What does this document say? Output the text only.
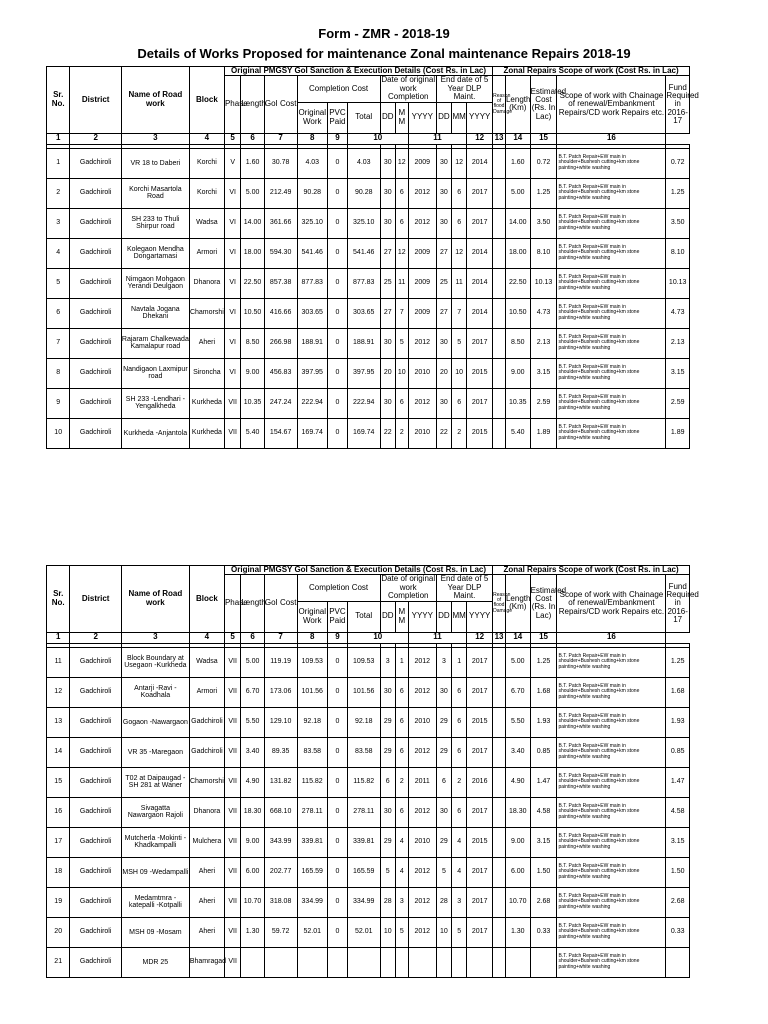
Form - ZMR - 2018-19
Details of Works Proposed for maintenance Zonal maintenance Repairs 2018-19
Sr. No.	District	Name of Road work	Block	Original PMGSY GoI Sanction & Execution Details (Cost Rs. in Lac)												Zonal Repairs Scope of work (Cost Rs. in Lac)				
				Phase	Length	GoI Cost	Completion Cost			Date of original work Completion			End date of 5 Year DLP Maint.			Reason of flood Damage	Length (Km)	Estimated Cost (Rs. In Lac)	Scope of work with Chainage of renewal/Embankment Repairs/CD work Repairs etc.	Fund Required in 2016-17
							Original Work	PVC Paid	Total	DD	M M	YYYY	DD	MM	YYYY					
1	2	3	4	5	6	7	8	9	10			11			12	13	14	15	16	

1	Gadchiroli	VR 18 to Daberi	Korchi	V	1.60	30.78	4.03	0	4.03	30	12	2009	30	12	2014		1.60	0.72	B.T. Patch Repair+EW main in shoulder+Bushesh cutting+km stone painting+white washing	0.72
2	Gadchiroli	Korchi Masartola Road	Korchi	VI	5.00	212.49	90.28	0	90.28	30	6	2012	30	6	2017		5.00	1.25	B.T. Patch Repair+EW main in shoulder+Bushesh cutting+km stone painting+white washing	1.25
3	Gadchiroli	SH 233 to Thuli Shirpur road	Wadsa	VI	14.00	361.66	325.10	0	325.10	30	6	2012	30	6	2017		14.00	3.50	B.T. Patch Repair+EW main in shoulder+Bushesh cutting+km stone painting+white washing	3.50
4	Gadchiroli	Kolegaon Mendha Dongartamasi	Armori	VI	18.00	594.30	541.46	0	541.46	27	12	2009	27	12	2014		18.00	8.10	B.T. Patch Repair+EW main in shoulder+Bushesh cutting+km stone painting+white washing	8.10
5	Gadchiroli	Nimgaon Mohgaon Yerandi Deulgaon	Dhanora	VI	22.50	857.38	877.83	0	877.83	25	11	2009	25	11	2014		22.50	10.13	B.T. Patch Repair+EW main in shoulder+Bushesh cutting+km stone painting+white washing	10.13
6	Gadchiroli	Navtala Jogana Dhekani	Chamorshi	VI	10.50	416.66	303.65	0	303.65	27	7	2009	27	7	2014		10.50	4.73	B.T. Patch Repair+EW main in shoulder+Bushesh cutting+km stone painting+white washing	4.73
7	Gadchiroli	Rajaram Chalkewada Kamalapur road	Aheri	VI	8.50	266.98	188.91	0	188.91	30	5	2012	30	5	2017		8.50	2.13	B.T. Patch Repair+EW main in shoulder+Bushesh cutting+km stone painting+white washing	2.13
8	Gadchiroli	Nandigaon Laxmipur road	Sironcha	VI	9.00	456.83	397.95	0	397.95	20	10	2010	20	10	2015		9.00	3.15	B.T. Patch Repair+EW main in shoulder+Bushesh cutting+km stone painting+white washing	3.15
9	Gadchiroli	SH 233 -Lendhari -Yengalkheda	Kurkheda	VII	10.35	247.24	222.94	0	222.94	30	6	2012	30	6	2017		10.35	2.59	B.T. Patch Repair+EW main in shoulder+Bushesh cutting+km stone painting+white washing	2.59
10	Gadchiroli	Kurkheda -Anjantola	Kurkheda	VII	5.40	154.67	169.74	0	169.74	22	2	2010	22	2	2015		5.40	1.89	B.T. Patch Repair+EW main in shoulder+Bushesh cutting+km stone painting+white washing	1.89
Sr. No.	District	Name of Road work	Block	Original PMGSY GoI Sanction & Execution Details (Cost Rs. in Lac)												Zonal Repairs Scope of work (Cost Rs. in Lac)				
				Phase	Length	GoI Cost	Completion Cost			Date of original work Completion			End date of 5 Year DLP Maint.			Reason of flood Damage	Length (Km)	Estimated Cost (Rs. In Lac)	Scope of work with Chainage of renewal/Embankment Repairs/CD work Repairs etc.	Fund Required in 2016-17
							Original Work	PVC Paid	Total	DD	M M	YYYY	DD	MM	YYYY					
1	2	3	4	5	6	7	8	9	10			11			12	13	14	15	16	

11	Gadchiroli	Block Boundary at Usegaon -Kurkheda	Wadsa	VII	5.00	119.19	109.53	0	109.53	3	1	2012	3	1	2017		5.00	1.25	B.T. Patch Repair+EW main in shoulder+Bushesh cutting+km stone painting+white washing	1.25
12	Gadchiroli	Antarji -Ravi -Koadhala	Armori	VII	6.70	173.06	101.56	0	101.56	30	6	2012	30	6	2017		6.70	1.68	B.T. Patch Repair+EW main in shoulder+Bushesh cutting+km stone painting+white washing	1.68
13	Gadchiroli	Gogaon -Nawargaon	Gadchiroli	VII	5.50	129.10	92.18	0	92.18	29	6	2010	29	6	2015		5.50	1.93	B.T. Patch Repair+EW main in shoulder+Bushesh cutting+km stone painting+white washing	1.93
14	Gadchiroli	VR 35 -Maregaon	Gadchiroli	VII	3.40	89.35	83.58	0	83.58	29	6	2012	29	6	2017		3.40	0.85	B.T. Patch Repair+EW main in shoulder+Bushesh cutting+km stone painting+white washing	0.85
15	Gadchiroli	T02 at Daipaugad -SH 281 at Waner	Chamorshi	VII	4.90	131.82	115.82	0	115.82	6	2	2011	6	2	2016		4.90	1.47	B.T. Patch Repair+EW main in shoulder+Bushesh cutting+km stone painting+white washing	1.47
16	Gadchiroli	Sivagatta Nawargaon Rajoli	Dhanora	VII	18.30	668.10	278.11	0	278.11	30	6	2012	30	6	2017		18.30	4.58	B.T. Patch Repair+EW main in shoulder+Bushesh cutting+km stone painting+white washing	4.58
17	Gadchiroli	Mutcherla -Mokinti -Khadkampalli	Mulchera	VII	9.00	343.99	339.81	0	339.81	29	4	2010	29	4	2015		9.00	3.15	B.T. Patch Repair+EW main in shoulder+Bushesh cutting+km stone painting+white washing	3.15
18	Gadchiroli	MSH 09 -Wedampalli	Aheri	VII	6.00	202.77	165.59	0	165.59	5	4	2012	5	4	2017		6.00	1.50	B.T. Patch Repair+EW main in shoulder+Bushesh cutting+km stone painting+white washing	1.50
19	Gadchiroli	Medamtmra -katepalli -Kotpalli	Aheri	VII	10.70	318.08	334.99	0	334.99	28	3	2012	28	3	2017		10.70	2.68	B.T. Patch Repair+EW main in shoulder+Bushesh cutting+km stone painting+white washing	2.68
20	Gadchiroli	MSH 09 -Mosam	Aheri	VII	1.30	59.72	52.01	0	52.01	10	5	2012	10	5	2017		1.30	0.33	B.T. Patch Repair+EW main in shoulder+Bushesh cutting+km stone painting+white washing	0.33
21	Gadchiroli	MDR 25	Bhamragad	VII															B.T. Patch Repair+EW main in shoulder+Bushesh cutting+km stone painting+white washing	
